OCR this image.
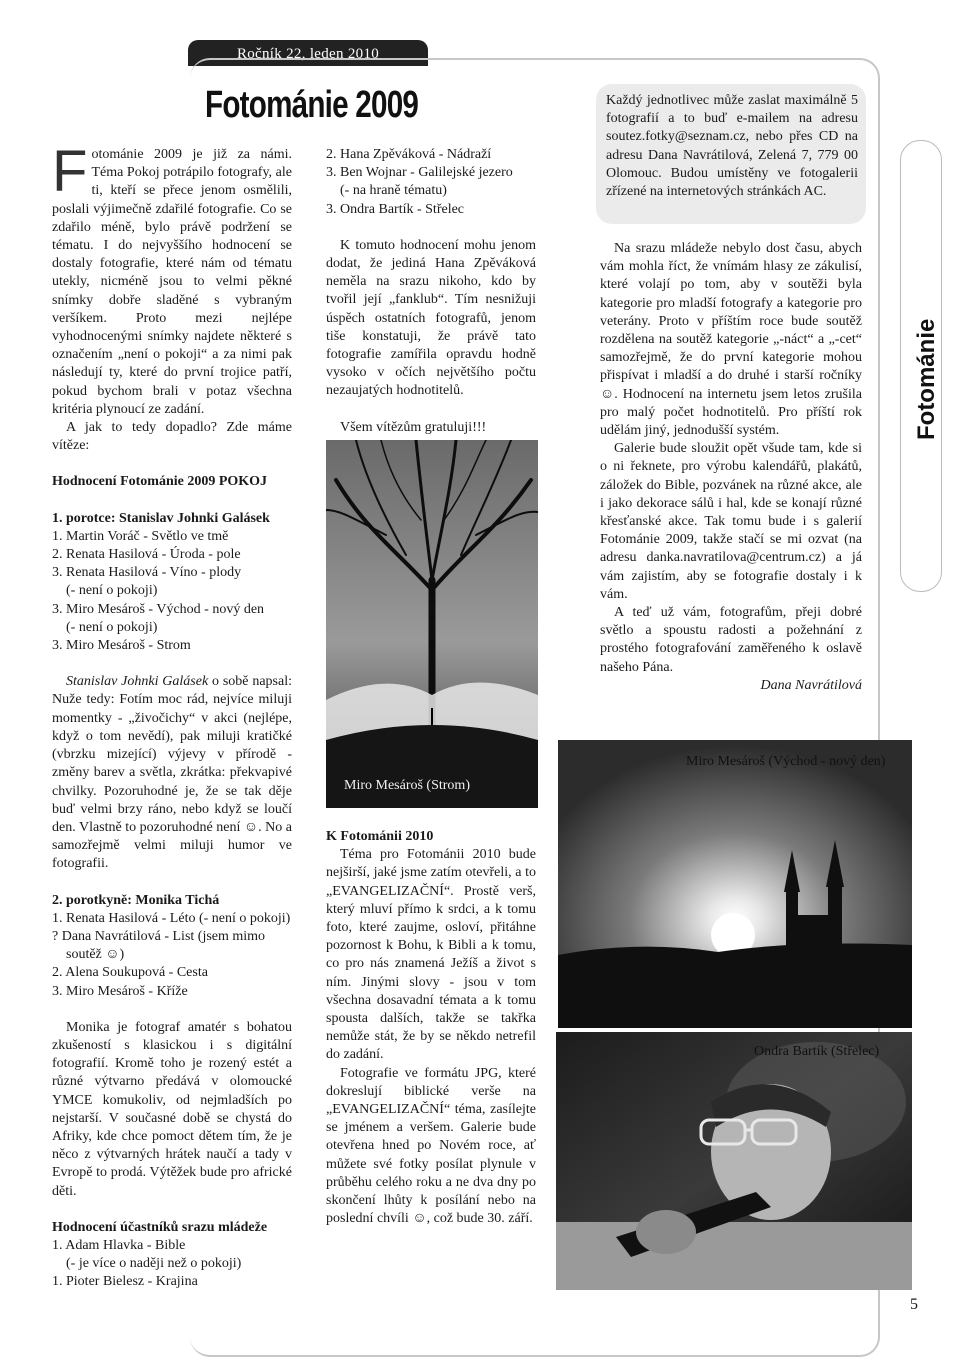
Ročník 22, leden 2010
Fotománie 2009

Fotománie 2009 je již za námi. Téma Pokoj potrápilo fotografy, ale ti, kteří se přece jenom osmělili, poslali výjimečně zdařilé fotografie. Co se zdařilo méně, bylo právě podržení se tématu. I do nejvyššího hodnocení se dostaly fotografie, které nám od tématu utekly, nicméně jsou to velmi pěkné snímky dobře sladěné s vybraným veršíkem. Proto mezi nejlépe vyhodnocenými snímky najdete některé s označením „není o pokoji“ a za nimi pak následují ty, které do první trojice patří, pokud bychom brali v potaz všechna kritéria plynoucí ze zadání.

A jak to tedy dopadlo? Zde máme vítěze:

Hodnocení Fotománie 2009 POKOJ

1. porotce: Stanislav Johnki Galásek

1. Martin Voráč - Světlo ve tmě
2. Renata Hasilová - Úroda - pole
3. Renata Hasilová - Víno - plody
(- není o pokoji)
3. Miro Mesároš - Východ - nový den
(- není o pokoji)
3. Miro Mesároš - Strom

Stanislav Johnki Galásek o sobě napsal: Nuže tedy: Fotím moc rád, nejvíce miluji momentky - „živočichy“ v akci (nejlépe, když o tom nevědí), pak miluji kratičké (vbrzku mizející) výjevy v přírodě - změny barev a světla, zkrátka: překvapivé chvilky. Pozoruhodné je, že se tak děje buď velmi brzy ráno, nebo když se loučí den. Vlastně to pozoruhodné není ☺. No a samozřejmě velmi miluji humor ve fotografii.

2. porotkyně: Monika Tichá

1. Renata Hasilová - Léto (- není o pokoji)
? Dana Navrátilová - List (jsem mimo
soutěž ☺)
2. Alena Soukupová - Cesta
3. Miro Mesároš - Kříže

Monika je fotograf amatér s bohatou zkušeností s klasickou i s digitální fotografií. Kromě toho je rozený estét a různé výtvarno předává v olomoucké YMCE komukoliv, od nejmladších po nejstarší. V současné době se chystá do Afriky, kde chce pomoct dětem tím, že je něco z výtvarných hrátek naučí a tady v Evropě to prodá. Výtěžek bude pro africké děti.

Hodnocení účastníků srazu mládeže

1. Adam Hlavka - Bible
(- je více o naději než o pokoji)
1. Pioter Bielesz - Krajina
2. Hana Zpěváková - Nádraží
3. Ben Wojnar - Galilejské jezero
(- na hraně tématu)
3. Ondra Bartík - Střelec

K tomuto hodnocení mohu jenom dodat, že jediná Hana Zpěváková neměla na srazu nikoho, kdo by tvořil její „fanklub“. Tím nesnižuji úspěch ostatních fotografů, jenom tiše konstatuji, že právě tato fotografie zamířila opravdu hodně vysoko v očích největšího počtu nezaujatých hodnotitelů.

Všem vítězům gratuluji!!!

Miro Mesároš (Strom)

K Fotománii 2010

Téma pro Fotománii 2010 bude nejširší, jaké jsme zatím otevřeli, a to „EVANGELIZAČNÍ“. Prostě verš, který mluví přímo k srdci, a k tomu foto, které zaujme, osloví, přitáhne pozornost k Bohu, k Bibli a k tomu, co pro nás znamená Ježíš a život s ním. Jinými slovy - jsou v tom všechna dosavadní témata a k tomu spousta dalších, takže se takřka nemůže stát, že by se někdo netrefil do zadání.

Fotografie ve formátu JPG, které dokreslují biblické verše na „EVANGELIZAČNÍ“ téma, zasílejte se jménem a veršem. Galerie bude otevřena hned po Novém roce, ať můžete své fotky posílat plynule v průběhu celého roku a ne dva dny po skončení lhůty k posílání nebo na poslední chvíli ☺, což bude 30. září.

Každý jednotlivec může zaslat maximálně 5 fotografií a to buď e-mailem na adresu soutez.fotky@seznam.cz, nebo přes CD na adresu Dana Navrátilová, Zelená 7, 779 00 Olomouc. Budou umístěny ve fotogalerii zřízené na internetových stránkách AC.

Na srazu mládeže nebylo dost času, abych vám mohla říct, že vnímám hlasy ze zákulisí, které volají po tom, aby v soutěži byla kategorie pro mladší fotografy a kategorie pro veterány. Proto v příštím roce bude soutěž rozdělena na soutěž kategorie „-náct“ a „-cet“ samozřejmě, že do první kategorie mohou přispívat i mladší a do druhé i starší ročníky☺. Hodnocení na internetu jsem letos zrušila pro malý počet hodnotitelů. Pro příští rok udělám jiný, jednodušší systém.

Galerie bude sloužit opět všude tam, kde si o ni řeknete, pro výrobu kalendářů, plakátů, záložek do Bible, pozvánek na různé akce, ale i jako dekorace sálů i hal, kde se konají různé křesťanské akce. Tak tomu bude i s galerií Fotománie 2009, takže stačí se mi ozvat (na adresu danka.navratilova@centrum.cz) a já vám zajistím, aby se fotografie dostaly i k vám.

A teď už vám, fotografům, přeji dobré světlo a spoustu radosti a požehnání z prostého fotografování zaměřeného k oslavě našeho Pána.

Dana Navrátilová

Miro Mesároš (Východ - nový den)
Ondra Bartík (Střelec)
Fotománie
5
